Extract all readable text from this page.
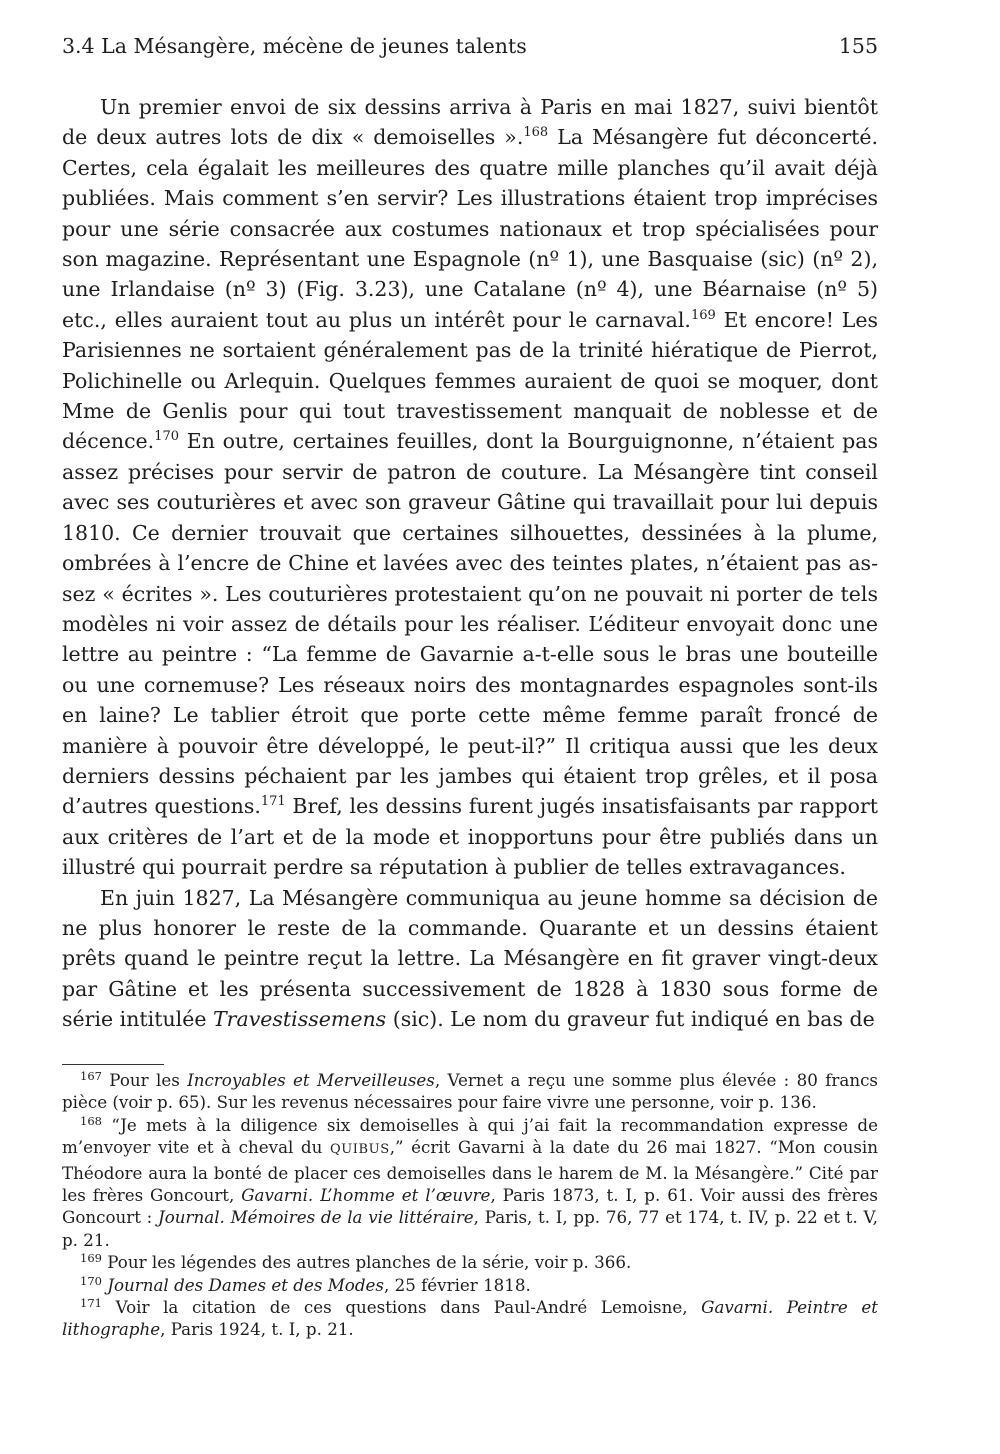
3.4 La Mésangère, mécène de jeunes talents	155

Un premier envoi de six dessins arriva à Paris en mai 1827, suivi bientôt de deux autres lots de dix « demoiselles ».$^{168}$ La Mésangère fut déconcerté. Certes, cela égalait les meilleures des quatre mille planches qu’il avait déjà publiées. Mais comment s’en servir? Les illustrations étaient trop imprécises pour une série consacrée aux costumes nationaux et trop spécialisées pour son magazine. Représentant une Espagnole (nº 1), une Basquaise (sic) (nº 2), une Irlandaise (nº 3) (Fig. 3.23), une Catalane (nº 4), une Béarnaise (nº 5) etc., elles auraient tout au plus un intérêt pour le carnaval.$^{169}$ Et encore! Les Parisiennes ne sortaient généralement pas de la trinité hiératique de Pierrot, Polichinelle ou Arlequin. Quelques femmes auraient de quoi se moquer, dont Mme de Genlis pour qui tout travestissement manquait de noblesse et de décence.$^{170}$ En outre, certaines feuilles, dont la Bourguignonne, n’étaient pas assez précises pour servir de patron de couture. La Mésangère tint conseil avec ses couturières et avec son graveur Gâtine qui travaillait pour lui depuis 1810. Ce dernier trouvait que certaines silhouettes, dessinées à la plume, ombrées à l’encre de Chine et lavées avec des teintes plates, n’étaient pas assez « écrites ». Les couturières protestaient qu’on ne pouvait ni porter de tels modèles ni voir assez de détails pour les réaliser. L’éditeur envoyait donc une lettre au peintre : “La femme de Gavarnie a-t-elle sous le bras une bouteille ou une cornemuse? Les réseaux noirs des montagnardes espagnoles sont-ils en laine? Le tablier étroit que porte cette même femme paraît froncé de manière à pouvoir être développé, le peut-il?” Il critiqua aussi que les deux derniers dessins péchaient par les jambes qui étaient trop grêles, et il posa d’autres questions.$^{171}$ Bref, les dessins furent jugés insatisfaisants par rapport aux critères de l’art et de la mode et inopportuns pour être publiés dans un illustré qui pourrait perdre sa réputation à publier de telles extravagances.

En juin 1827, La Mésangère communiqua au jeune homme sa décision de ne plus honorer le reste de la commande. Quarante et un dessins étaient prêts quand le peintre reçut la lettre. La Mésangère en fit graver vingt-deux par Gâtine et les présenta successivement de 1828 à 1830 sous forme de série intitulée Travestissemens (sic). Le nom du graveur fut indiqué en bas de

$^{167}$ Pour les Incroyables et Merveilleuses, Vernet a reçu une somme plus élevée : 80 francs pièce (voir p. 65). Sur les revenus nécessaires pour faire vivre une personne, voir p. 136.

$^{168}$ “Je mets à la diligence six demoiselles à qui j’ai fait la recommandation expresse de m’envoyer vite et à cheval du QUIBUS,” écrit Gavarni à la date du 26 mai 1827. “Mon cousin Théodore aura la bonté de placer ces demoiselles dans le harem de M. la Mésangère.” Cité par les frères Goncourt, Gavarni. L’homme et l’œuvre, Paris 1873, t. I, p. 61. Voir aussi des frères Goncourt : Journal. Mémoires de la vie littéraire, Paris, t. I, pp. 76, 77 et 174, t. IV, p. 22 et t. V, p. 21.

$^{169}$ Pour les légendes des autres planches de la série, voir p. 366.

$^{170}$ Journal des Dames et des Modes, 25 février 1818.

$^{171}$ Voir la citation de ces questions dans Paul-André Lemoisne, Gavarni. Peintre et lithographe, Paris 1924, t. I, p. 21.
